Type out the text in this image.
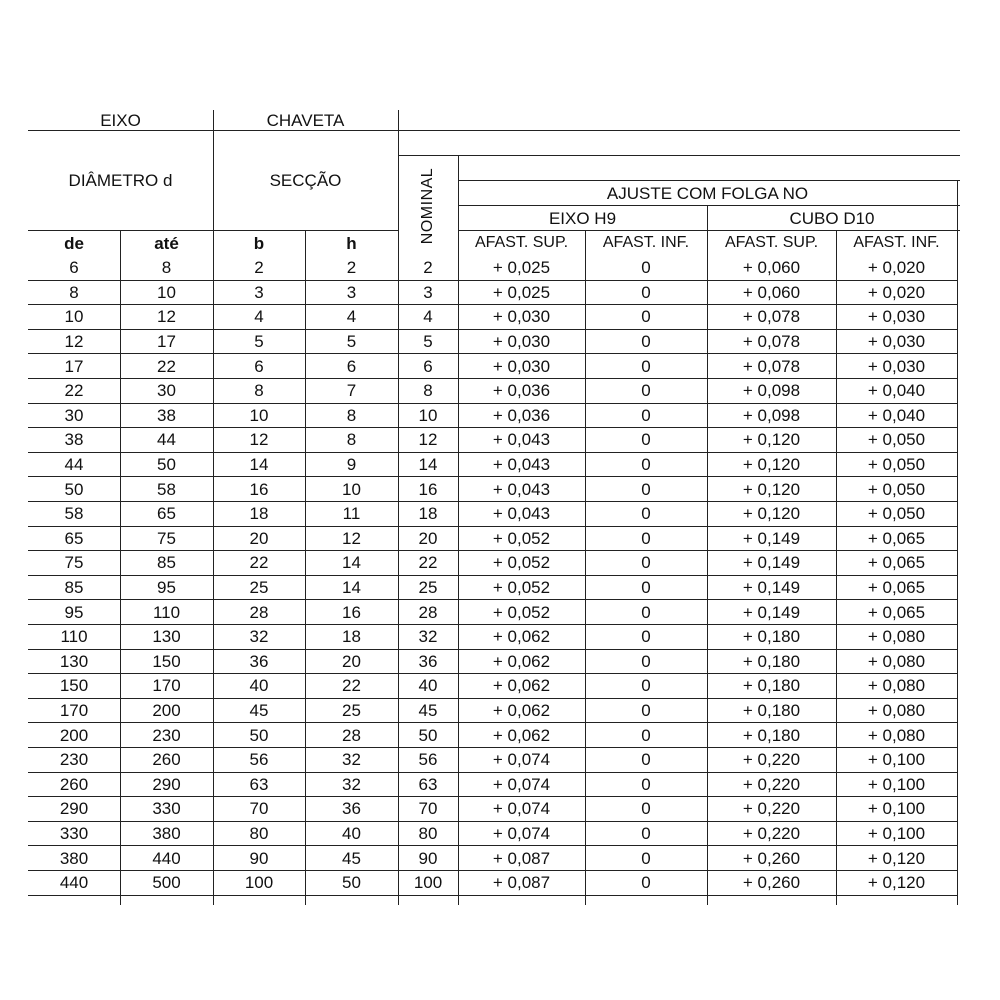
EIXO	CHAVETA
DIÂMETRO d	SECÇÃO	NOMINAL	AJUSTE COM FOLGA NO
EIXO H9	CUBO D10
de	até	b	h	AFAST. SUP.	AFAST. INF.	AFAST. SUP.	AFAST. INF.
6	8	2	2	2	+ 0,025	0	+ 0,060	+ 0,020
8	10	3	3	3	+ 0,025	0	+ 0,060	+ 0,020
10	12	4	4	4	+ 0,030	0	+ 0,078	+ 0,030
12	17	5	5	5	+ 0,030	0	+ 0,078	+ 0,030
17	22	6	6	6	+ 0,030	0	+ 0,078	+ 0,030
22	30	8	7	8	+ 0,036	0	+ 0,098	+ 0,040
30	38	10	8	10	+ 0,036	0	+ 0,098	+ 0,040
38	44	12	8	12	+ 0,043	0	+ 0,120	+ 0,050
44	50	14	9	14	+ 0,043	0	+ 0,120	+ 0,050
50	58	16	10	16	+ 0,043	0	+ 0,120	+ 0,050
58	65	18	11	18	+ 0,043	0	+ 0,120	+ 0,050
65	75	20	12	20	+ 0,052	0	+ 0,149	+ 0,065
75	85	22	14	22	+ 0,052	0	+ 0,149	+ 0,065
85	95	25	14	25	+ 0,052	0	+ 0,149	+ 0,065
95	110	28	16	28	+ 0,052	0	+ 0,149	+ 0,065
110	130	32	18	32	+ 0,062	0	+ 0,180	+ 0,080
130	150	36	20	36	+ 0,062	0	+ 0,180	+ 0,080
150	170	40	22	40	+ 0,062	0	+ 0,180	+ 0,080
170	200	45	25	45	+ 0,062	0	+ 0,180	+ 0,080
200	230	50	28	50	+ 0,062	0	+ 0,180	+ 0,080
230	260	56	32	56	+ 0,074	0	+ 0,220	+ 0,100
260	290	63	32	63	+ 0,074	0	+ 0,220	+ 0,100
290	330	70	36	70	+ 0,074	0	+ 0,220	+ 0,100
330	380	80	40	80	+ 0,074	0	+ 0,220	+ 0,100
380	440	90	45	90	+ 0,087	0	+ 0,260	+ 0,120
440	500	100	50	100	+ 0,087	0	+ 0,260	+ 0,120
